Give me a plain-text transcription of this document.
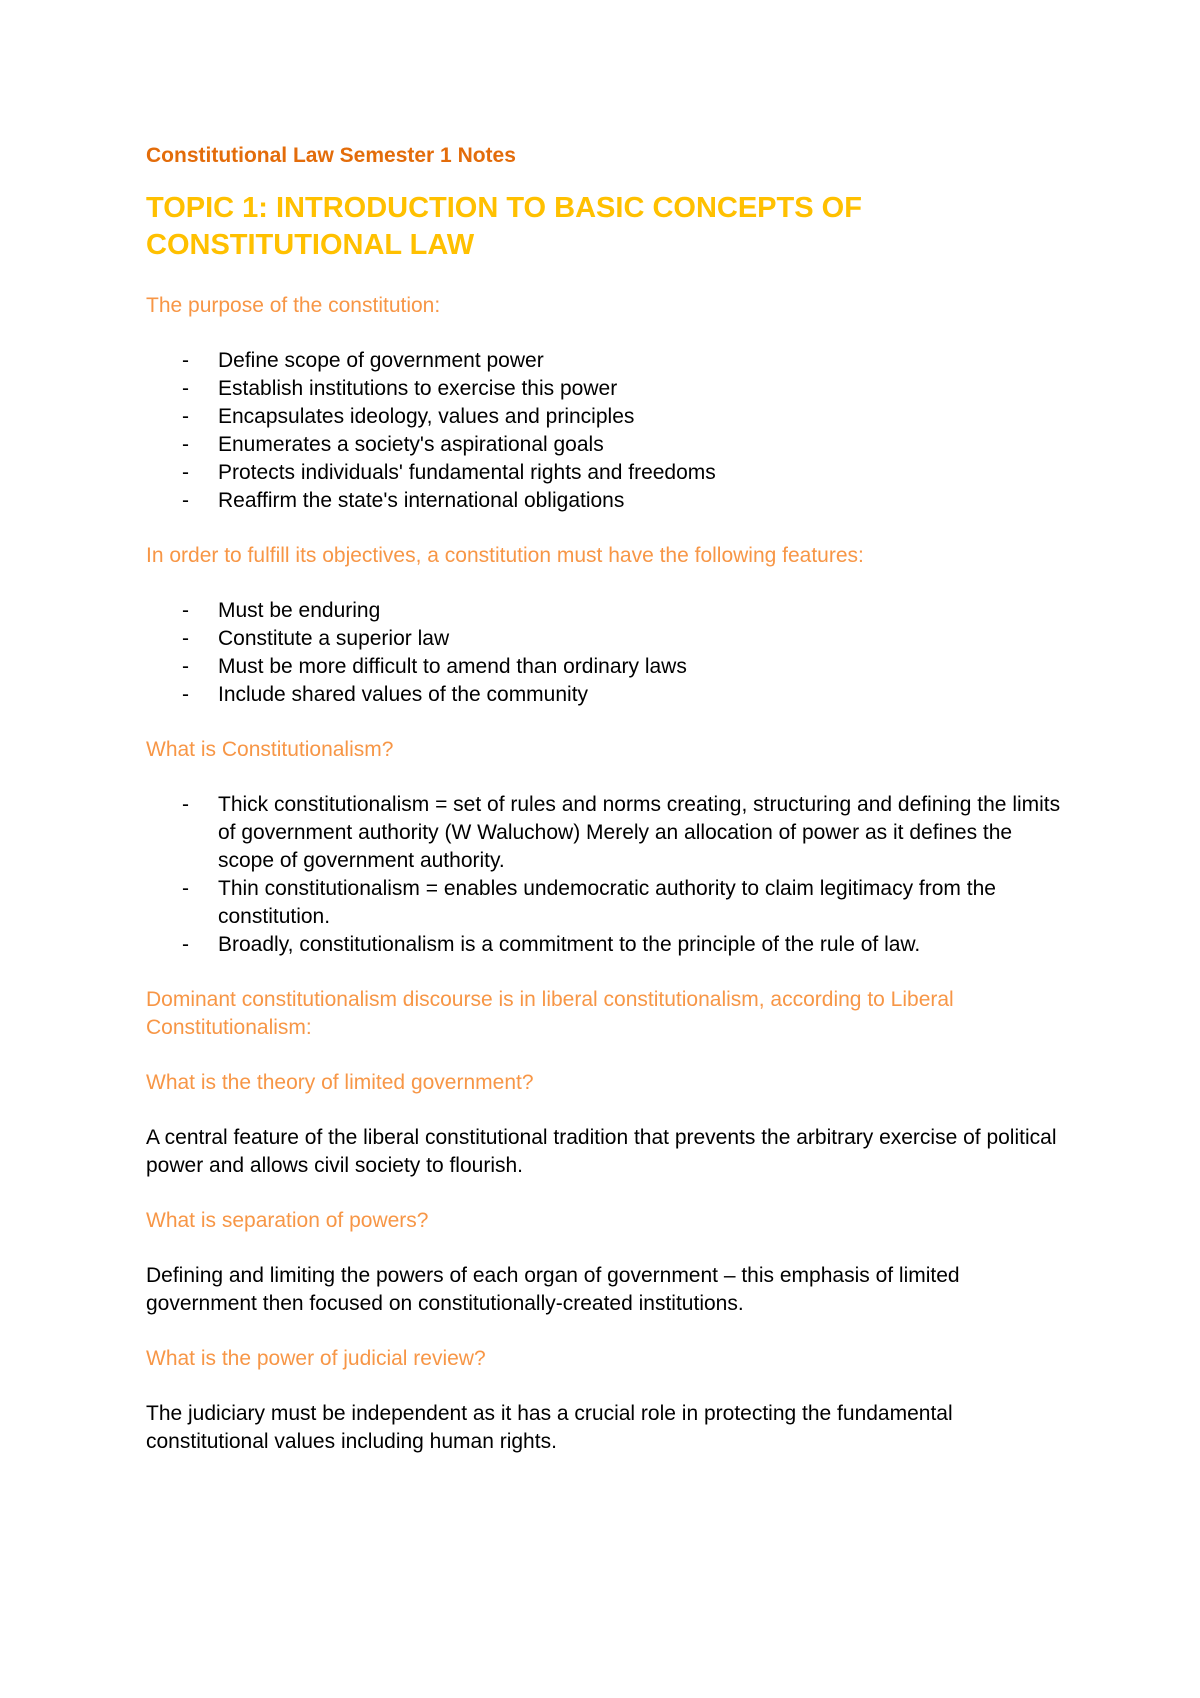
Constitutional Law Semester 1 Notes

TOPIC 1: INTRODUCTION TO BASIC CONCEPTS OF CONSTITUTIONAL LAW

The purpose of the constitution:

- Define scope of government power
- Establish institutions to exercise this power
- Encapsulates ideology, values and principles
- Enumerates a society's aspirational goals
- Protects individuals' fundamental rights and freedoms
- Reaffirm the state's international obligations

In order to fulfill its objectives, a constitution must have the following features:

- Must be enduring
- Constitute a superior law
- Must be more difficult to amend than ordinary laws
- Include shared values of the community

What is Constitutionalism?

- Thick constitutionalism = set of rules and norms creating, structuring and defining the limits of government authority (W Waluchow) Merely an allocation of power as it defines the scope of government authority.
- Thin constitutionalism = enables undemocratic authority to claim legitimacy from the constitution.
- Broadly, constitutionalism is a commitment to the principle of the rule of law.

Dominant constitutionalism discourse is in liberal constitutionalism, according to Liberal Constitutionalism:

What is the theory of limited government?

A central feature of the liberal constitutional tradition that prevents the arbitrary exercise of political power and allows civil society to flourish.

What is separation of powers?

Defining and limiting the powers of each organ of government – this emphasis of limited government then focused on constitutionally-created institutions.

What is the power of judicial review?

The judiciary must be independent as it has a crucial role in protecting the fundamental constitutional values including human rights.
